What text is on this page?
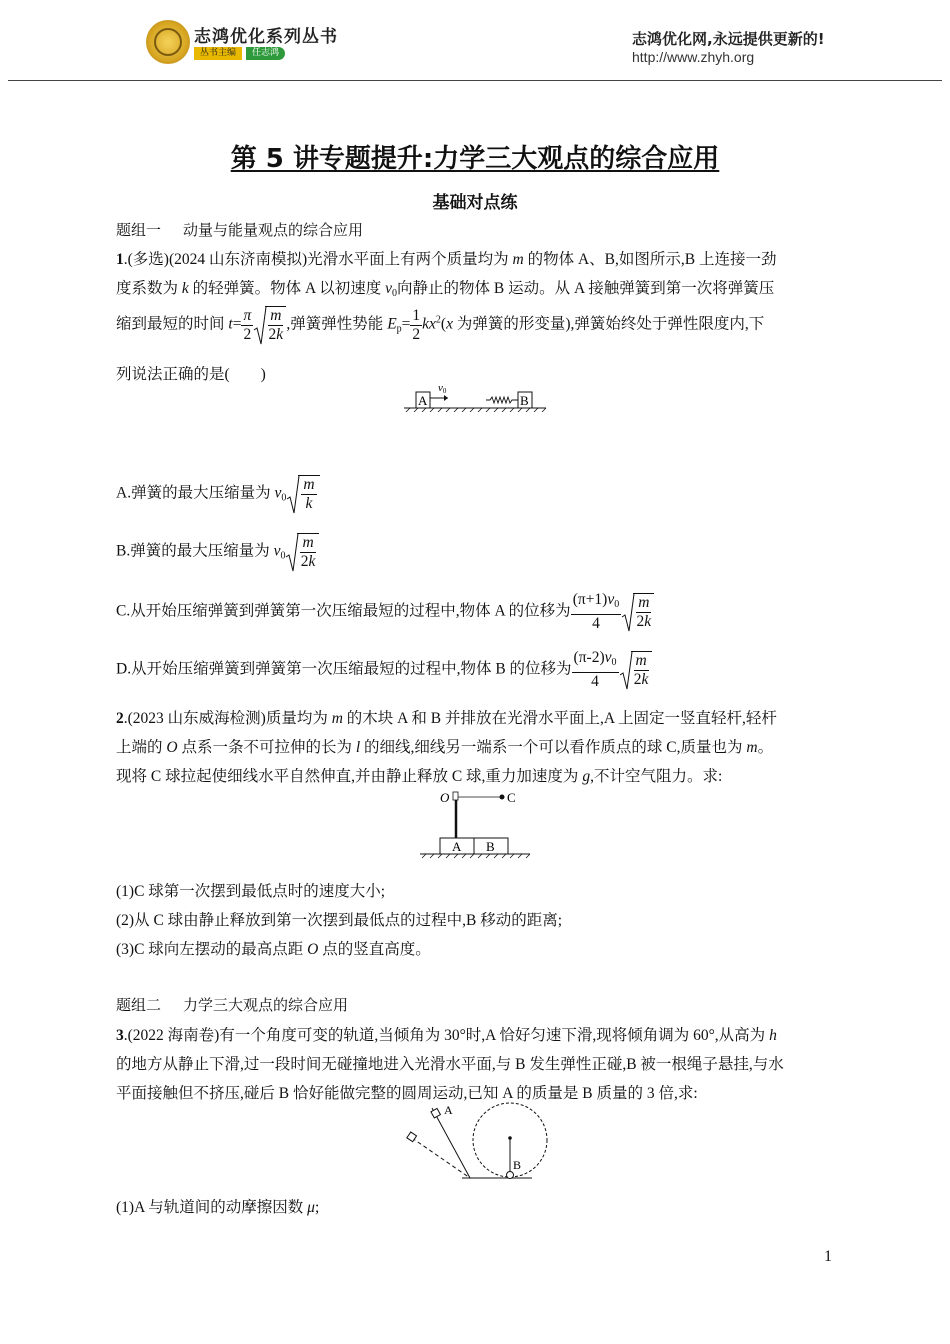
志鸿优化系列丛书
丛书主编	任志鸿
志鸿优化网,永远提供更新的!
http://www.zhyh.org
第 5 讲专题提升:力学三大观点的综合应用
基础对点练
题组一 动量与能量观点的综合应用
1.(多选)(2024 山东济南模拟)光滑水平面上有两个质量均为 m 的物体 A、B,如图所示,B 上连接一劲
度系数为 k 的轻弹簧。物体 A 以初速度 $v_0$向静止的物体 B 运动。从 A 接触弹簧到第一次将弹簧压
缩到最短的时间 $t= \frac{\pi}{2} \frac{m}{2k}$ ,弹簧弹性势能 $E_p= \frac{1}{2} kx^2(x$ 为弹簧的形变量),弹簧始终处于弹性限度内,下
列说法正确的是(　　)
A
v0
B
A.弹簧的最大压缩量为 $v_0 \frac{m}{k}$
B.弹簧的最大压缩量为 $v_0 \frac{m}{2k}$
C.从开始压缩弹簧到弹簧第一次压缩最短的过程中,物体 A 的位移为 $\frac{(\pi+1)v_0}{4} \frac{m}{2k}$
D.从开始压缩弹簧到弹簧第一次压缩最短的过程中,物体 B 的位移为 $\frac{(\pi-2)v_0}{4} \frac{m}{2k}$
2.(2023 山东威海检测)质量均为 m 的木块 A 和 B 并排放在光滑水平面上,A 上固定一竖直轻杆,轻杆
上端的 O 点系一条不可拉伸的长为 l 的细线,细线另一端系一个可以看作质点的球 C,质量也为 m。
现将 C 球拉起使细线水平自然伸直,并由静止释放 C 球,重力加速度为 g,不计空气阻力。求:
A B
O	C
(1)C 球第一次摆到最低点时的速度大小;
(2)从 C 球由静止释放到第一次摆到最低点的过程中,B 移动的距离;
(3)C 球向左摆动的最高点距 O 点的竖直高度。
题组二 力学三大观点的综合应用
3.(2022 海南卷)有一个角度可变的轨道,当倾角为 30°时,A 恰好匀速下滑,现将倾角调为 60°,从高为 h
的地方从静止下滑,过一段时间无碰撞地进入光滑水平面,与 B 发生弹性正碰,B 被一根绳子悬挂,与水
平面接触但不挤压,碰后 B 恰好能做完整的圆周运动,已知 A 的质量是 B 质量的 3 倍,求:
A
B
(1)A 与轨道间的动摩擦因数 μ;
1
